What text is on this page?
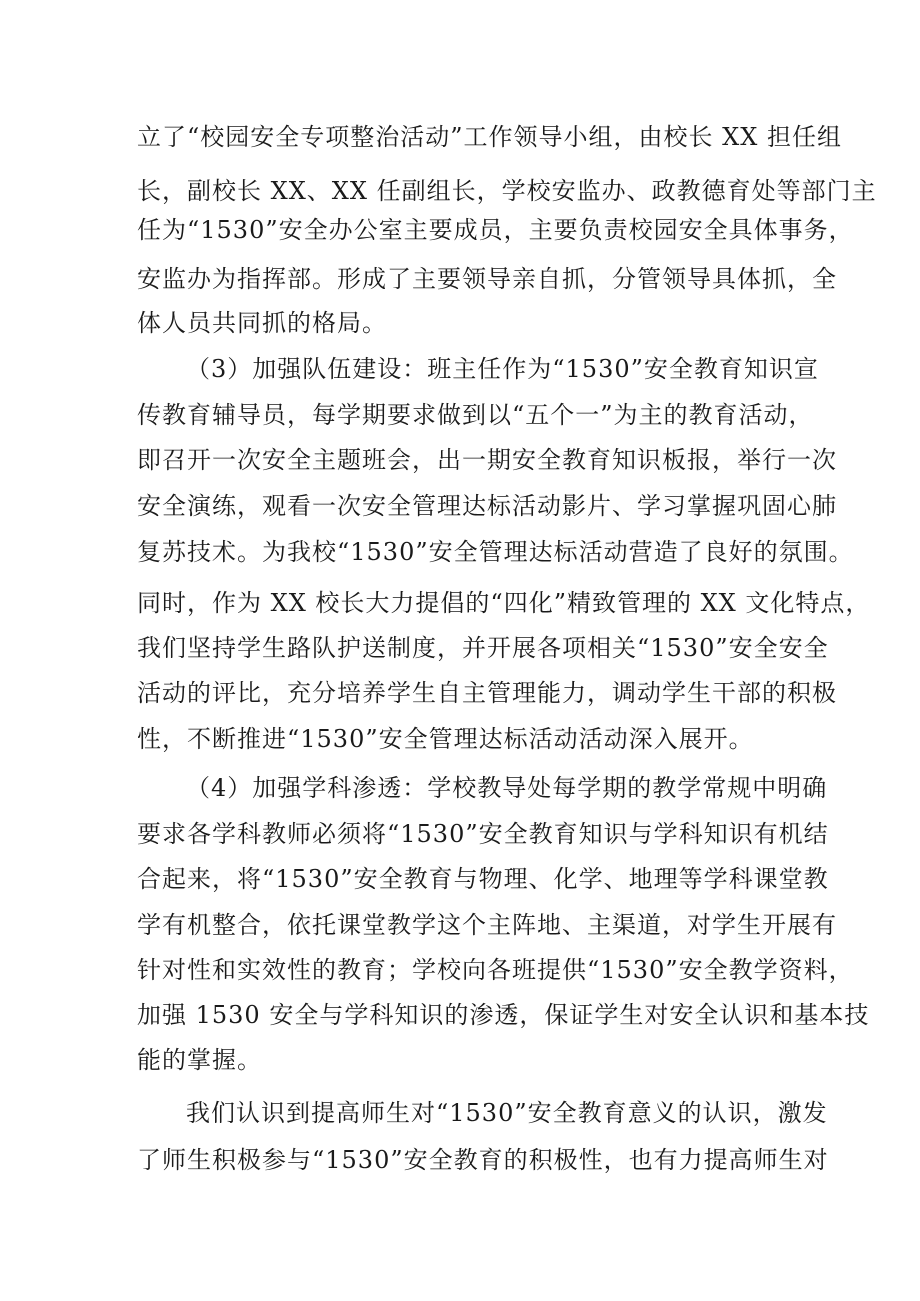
立了“校园安全专项整治活动”工作领导小组，由校长 XX 担任组
长，副校长 XX、XX 任副组长，学校安监办、政教德育处等部门主
任为“1530”安全办公室主要成员，主要负责校园安全具体事务，
安监办为指挥部。形成了主要领导亲自抓，分管领导具体抓，全
体人员共同抓的格局。
（3）加强队伍建设：班主任作为“1530”安全教育知识宣
传教育辅导员，每学期要求做到以“五个一”为主的教育活动，
即召开一次安全主题班会，出一期安全教育知识板报，举行一次
安全演练，观看一次安全管理达标活动影片、学习掌握巩固心肺
复苏技术。为我校“1530”安全管理达标活动营造了良好的氛围。
同时，作为 XX 校长大力提倡的“四化”精致管理的 XX 文化特点，
我们坚持学生路队护送制度，并开展各项相关“1530”安全安全
活动的评比，充分培养学生自主管理能力，调动学生干部的积极
性，不断推进“1530”安全管理达标活动活动深入展开。
（4）加强学科渗透：学校教导处每学期的教学常规中明确
要求各学科教师必须将“1530”安全教育知识与学科知识有机结
合起来，将“1530”安全教育与物理、化学、地理等学科课堂教
学有机整合，依托课堂教学这个主阵地、主渠道，对学生开展有
针对性和实效性的教育；学校向各班提供“1530”安全教学资料，
加强 1530 安全与学科知识的渗透，保证学生对安全认识和基本技
能的掌握。
我们认识到提高师生对“1530”安全教育意义的认识，激发
了师生积极参与“1530”安全教育的积极性，也有力提高师生对
